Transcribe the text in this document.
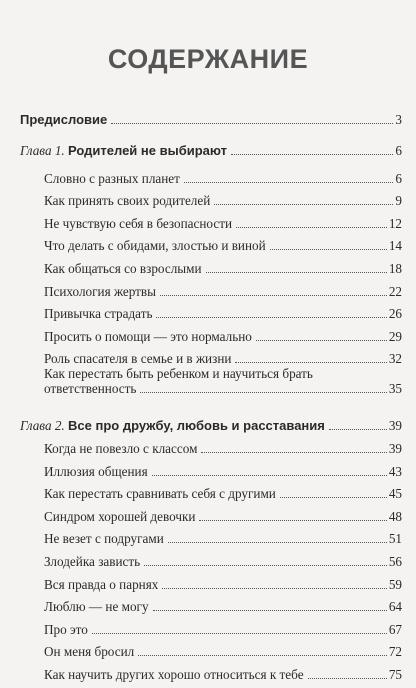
СОДЕРЖАНИЕ
Предисловие	3
Глава 1. Родителей не выбирают	6
Словно с разных планет	6
Как принять своих родителей	9
Не чувствую себя в безопасности	12
Что делать с обидами, злостью и виной	14
Как общаться со взрослыми	18
Психология жертвы	22
Привычка страдать	26
Просить о помощи — это нормально	29
Роль спасателя в семье и в жизни	32
Как перестать быть ребенком и научиться брать
ответственность	35
Глава 2. Все про дружбу, любовь и расставания	39
Когда не повезло с классом	39
Иллюзия общения	43
Как перестать сравнивать себя с другими	45
Синдром хорошей девочки	48
Не везет с подругами	51
Злодейка зависть	56
Вся правда о парнях	59
Люблю — не могу	64
Про это	67
Он меня бросил	72
Как научить других хорошо относиться к тебе	75
